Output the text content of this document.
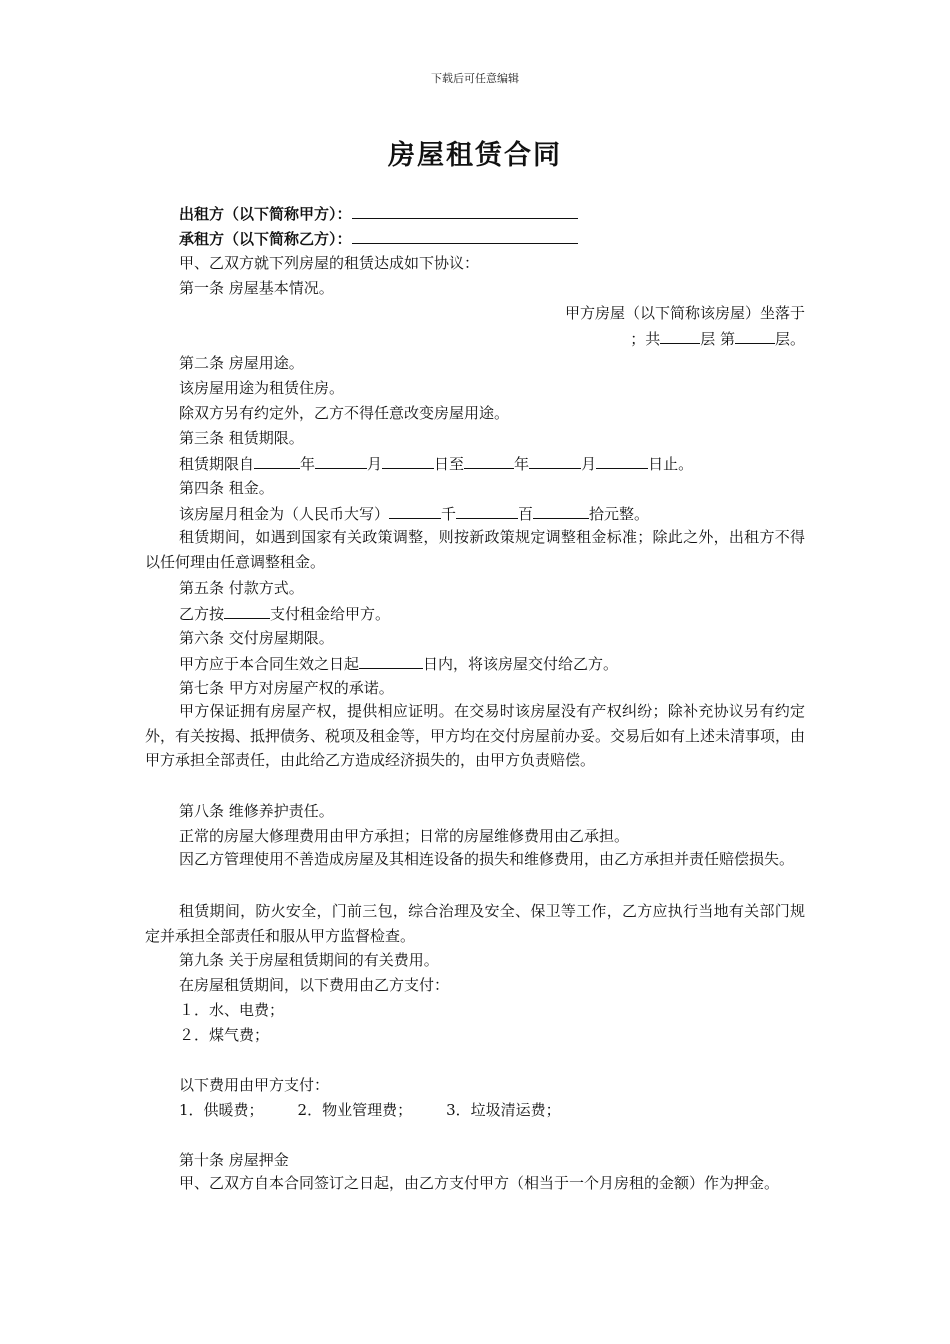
下载后可任意编辑
房屋租赁合同
出租方（以下简称甲方）：
承租方（以下简称乙方）：
甲、乙双方就下列房屋的租赁达成如下协议：
第一条 房屋基本情况。
甲方房屋（以下简称该房屋）坐落于
；共	层 第	层。
第二条 房屋用途。
该房屋用途为租赁住房。
除双方另有约定外，乙方不得任意改变房屋用途。
第三条 租赁期限。
租赁期限自	年	月	日至	年	月	日止。
第四条 租金。
该房屋月租金为（人民币大写）	千	百	拾元整。
租赁期间，如遇到国家有关政策调整，则按新政策规定调整租金标准；除此之外，出租方不得以任何理由任意调整租金。
第五条 付款方式。
乙方按	支付租金给甲方。
第六条 交付房屋期限。
甲方应于本合同生效之日起	日内，将该房屋交付给乙方。
第七条 甲方对房屋产权的承诺。
甲方保证拥有房屋产权，提供相应证明。在交易时该房屋没有产权纠纷；除补充协议另有约定外，有关按揭、抵押债务、税项及租金等，甲方均在交付房屋前办妥。交易后如有上述未清事项，由甲方承担全部责任，由此给乙方造成经济损失的，由甲方负责赔偿。
第八条 维修养护责任。
正常的房屋大修理费用由甲方承担；日常的房屋维修费用由乙承担。
因乙方管理使用不善造成房屋及其相连设备的损失和维修费用，由乙方承担并责任赔偿损失。
租赁期间，防火安全，门前三包，综合治理及安全、保卫等工作，乙方应执行当地有关部门规定并承担全部责任和服从甲方监督检查。
第九条 关于房屋租赁期间的有关费用。
在房屋租赁期间，以下费用由乙方支付：
１．水、电费；
２．煤气费；
以下费用由甲方支付：
1．供暖费； 2．物业管理费； 3．垃圾清运费；
第十条 房屋押金
甲、乙双方自本合同签订之日起，由乙方支付甲方（相当于一个月房租的金额）作为押金。
